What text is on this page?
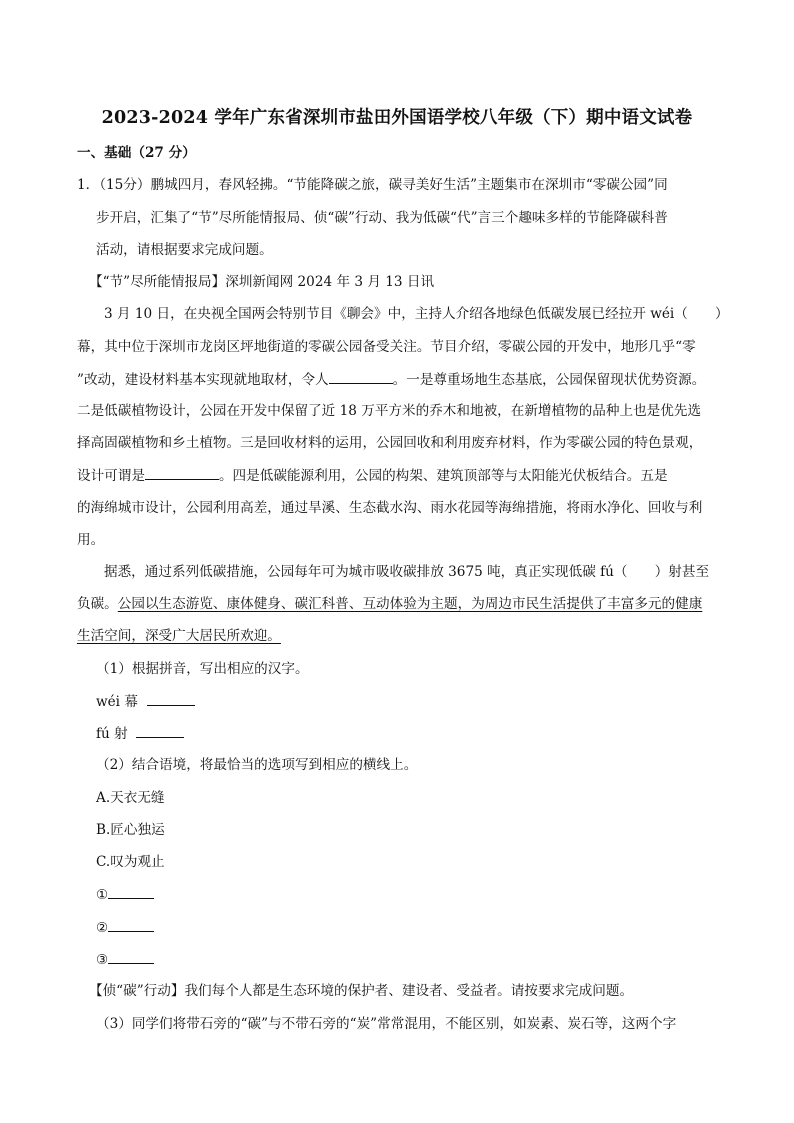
2023-2024 学年广东省深圳市盐田外国语学校八年级（下）期中语文试卷
一、基础（27 分）
1．（15分）鹏城四月，春风轻拂。“节能降碳之旅，碳寻美好生活”主题集市在深圳市“零碳公园”同
步开启，汇集了“节”尽所能情报局、侦“碳”行动、我为低碳“代”言三个趣味多样的节能降碳科普
活动，请根据要求完成问题。
【“节”尽所能情报局】深圳新闻网 2024 年 3 月 13 日讯
3 月 10 日，在央视全国两会特别节目《聊会》中，主持人介绍各地绿色低碳发展已经拉开 wéi（　　）
幕，其中位于深圳市龙岗区坪地街道的零碳公园备受关注。节目介绍，零碳公园的开发中，地形几乎“零
”改动，建设材料基本实现就地取材，令人	。一是尊重场地生态基底，公园保留现状优势资源。
二是低碳植物设计，公园在开发中保留了近 18 万平方米的乔木和地被，在新增植物的品种上也是优先选
择高固碳植物和乡土植物。三是回收材料的运用，公园回收和利用废弃材料，作为零碳公园的特色景观，
设计可谓是	。四是低碳能源利用，公园的构架、建筑顶部等与太阳能光伏板结合。五是
的海绵城市设计，公园利用高差，通过旱溪、生态截水沟、雨水花园等海绵措施，将雨水净化、回收与利
用。
据悉，通过系列低碳措施，公园每年可为城市吸收碳排放 3675 吨，真正实现低碳 fú（　　）射甚至
负碳。公园以生态游览、康体健身、碳汇科普、互动体验为主题，为周边市民生活提供了丰富多元的健康
生活空间，深受广大居民所欢迎。
（1）根据拼音，写出相应的汉字。
wéi 幕
fú 射
（2）结合语境，将最恰当的选项写到相应的横线上。
A.天衣无缝
B.匠心独运
C.叹为观止
①
②
③
【侦“碳”行动】我们每个人都是生态环境的保护者、建设者、受益者。请按要求完成问题。
（3）同学们将带石旁的“碳”与不带石旁的“炭”常常混用，不能区别，如炭素、炭石等，这两个字
